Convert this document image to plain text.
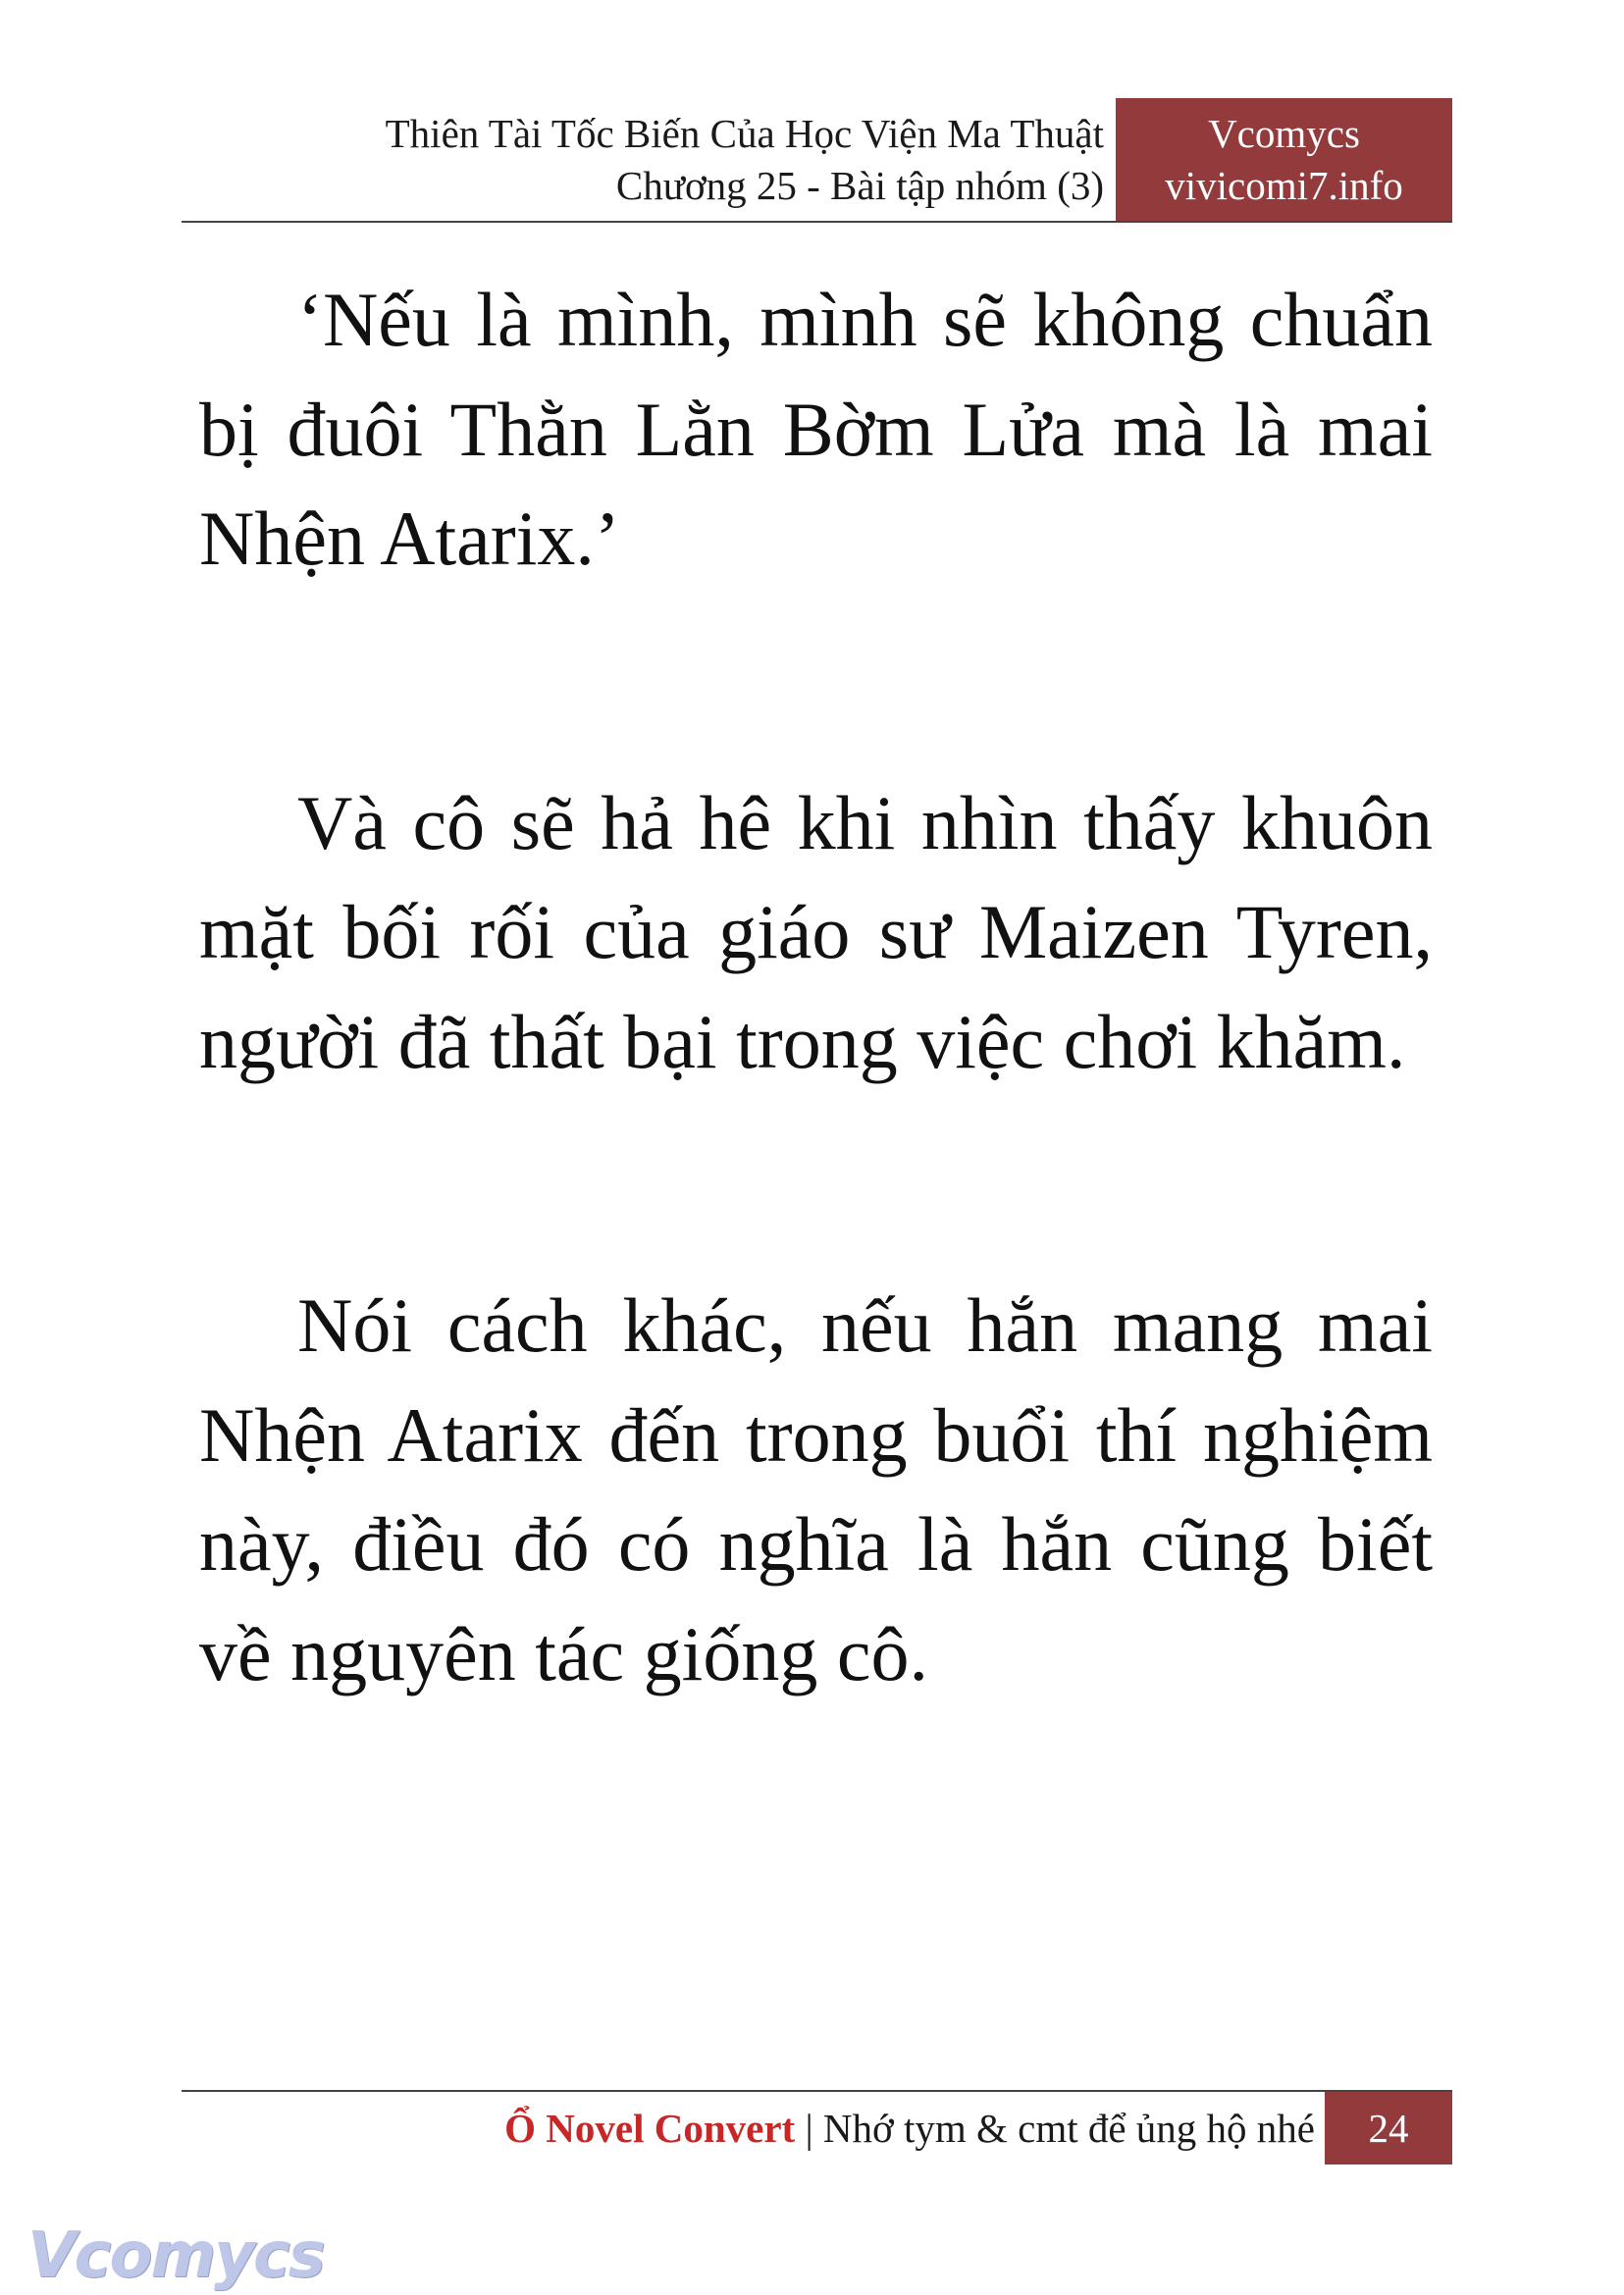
Thiên Tài Tốc Biến Của Học Viện Ma Thuật
Chương 25 - Bài tập nhóm (3)
Vcomycs
vivicomi7.info

‘Nếu là mình, mình sẽ không chuẩn bị đuôi Thằn Lằn Bờm Lửa mà là mai Nhện Atarix.’

Và cô sẽ hả hê khi nhìn thấy khuôn mặt bối rối của giáo sư Maizen Tyren, người đã thất bại trong việc chơi khăm.

Nói cách khác, nếu hắn mang mai Nhện Atarix đến trong buổi thí nghiệm này, điều đó có nghĩa là hắn cũng biết về nguyên tác giống cô.

Ổ Novel Convert | Nhớ tym & cmt để ủng hộ nhé	24
Vcomycs
